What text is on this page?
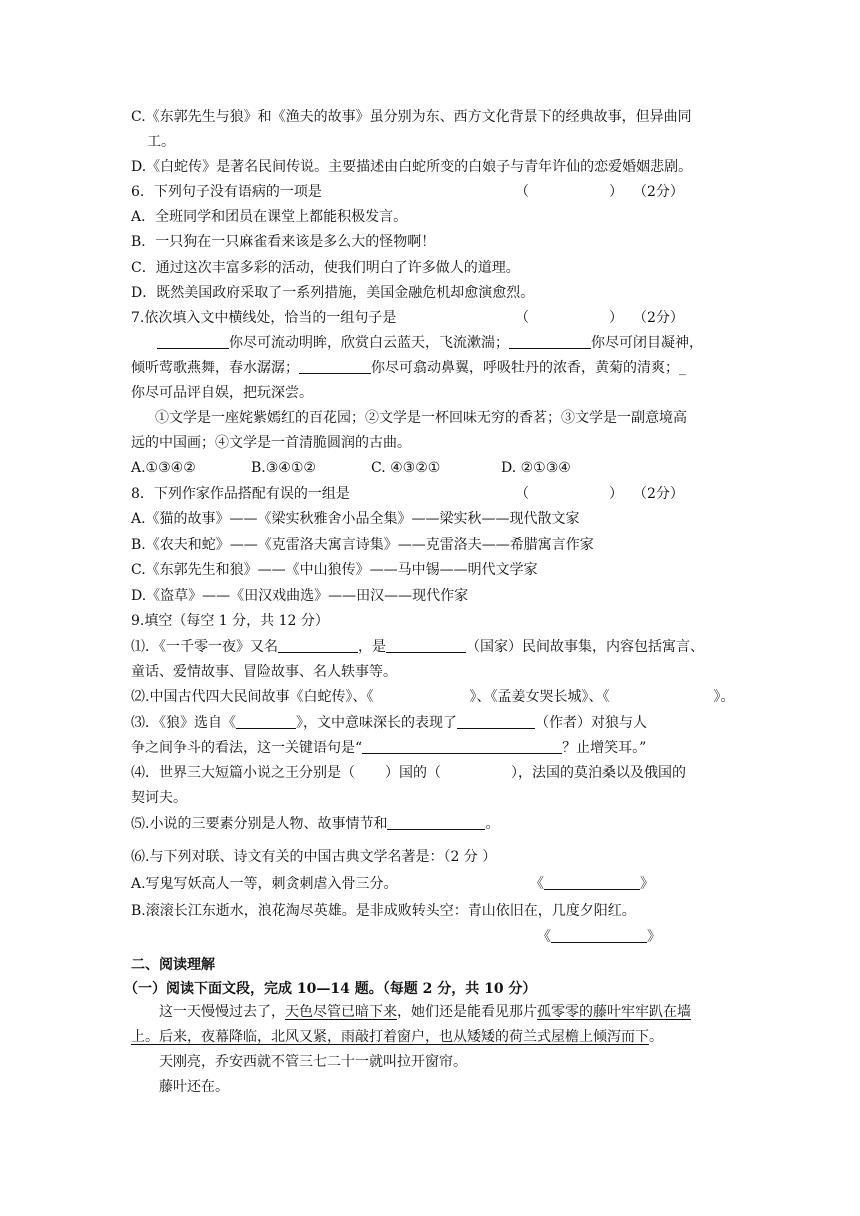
C.《东郭先生与狼》和《渔夫的故事》虽分别为东、西方文化背景下的经典故事，但异曲同
工。
D.《白蛇传》是著名民间传说。主要描述由白蛇所变的白娘子与青年许仙的恋爱婚姻悲剧。
6．下列句子没有语病的一项是	（	） （2分）
A．全班同学和团员在课堂上都能积极发言。
B．一只狗在一只麻雀看来该是多么大的怪物啊！
C．通过这次丰富多彩的活动，使我们明白了许多做人的道理。
D．既然美国政府采取了一系列措施，美国金融危机却愈演愈烈。
7.依次填入文中横线处，恰当的一组句子是	（	） （2分）
你尽可流动明眸，欣赏白云蓝天，飞流漱湍；	你尽可闭目凝神，
倾听莺歌燕舞，春水潺潺；	你尽可翕动鼻翼，呼吸牡丹的浓香，黄菊的清爽；_
你尽可品评自娱，把玩深尝。
①文学是一座姹紫嫣红的百花园；②文学是一杯回味无穷的香茗；③文学是一副意境高
远的中国画；④文学是一首清脆圆润的古曲。
A.①③④②	B.③④①②	C. ④③②①	D. ②①③④
8．下列作家作品搭配有误的一组是	（	） （2分）
A.《猫的故事》——《梁实秋雅舍小品全集》——梁实秋——现代散文家
B.《农夫和蛇》——《克雷洛夫寓言诗集》——克雷洛夫——希腊寓言作家
C.《东郭先生和狼》——《中山狼传》——马中锡——明代文学家
D.《盗草》——《田汉戏曲选》——田汉——现代作家
9.填空（每空 1 分，共 12 分）
⑴．《一千零一夜》又名	，是	（国家）民间故事集，内容包括寓言、
童话、爱情故事、冒险故事、名人轶事等。
⑵.中国古代四大民间故事《白蛇传》、《	》、《孟姜女哭长城》、《	》。
⑶．《狼》选自《	》，文中意味深长的表现了	（作者）对狼与人
争之间争斗的看法，这一关键语句是“	？止增笑耳。”
⑷．世界三大短篇小说之王分别是（ ）国的（	），法国的莫泊桑以及俄国的
契诃夫。
⑸.小说的三要素分别是人物、故事情节和	。
⑹.与下列对联、诗文有关的中国古典文学名著是：（2 分 ）
A.写鬼写妖高人一等，刺贪刺虐入骨三分。	《	》
B.滚滚长江东逝水，浪花淘尽英雄。是非成败转头空：青山依旧在，几度夕阳红。
《	》
二、阅读理解
（一）阅读下面文段，完成 10—14 题。（每题 2 分，共 10 分）
这一天慢慢过去了，天色尽管已暗下来，她们还是能看见那片孤零零的藤叶牢牢趴在墙
上。后来，夜幕降临，北风又紧，雨敲打着窗户，也从矮矮的荷兰式屋檐上倾泻而下。
天刚亮，乔安西就不管三七二十一就叫拉开窗帘。
藤叶还在。
